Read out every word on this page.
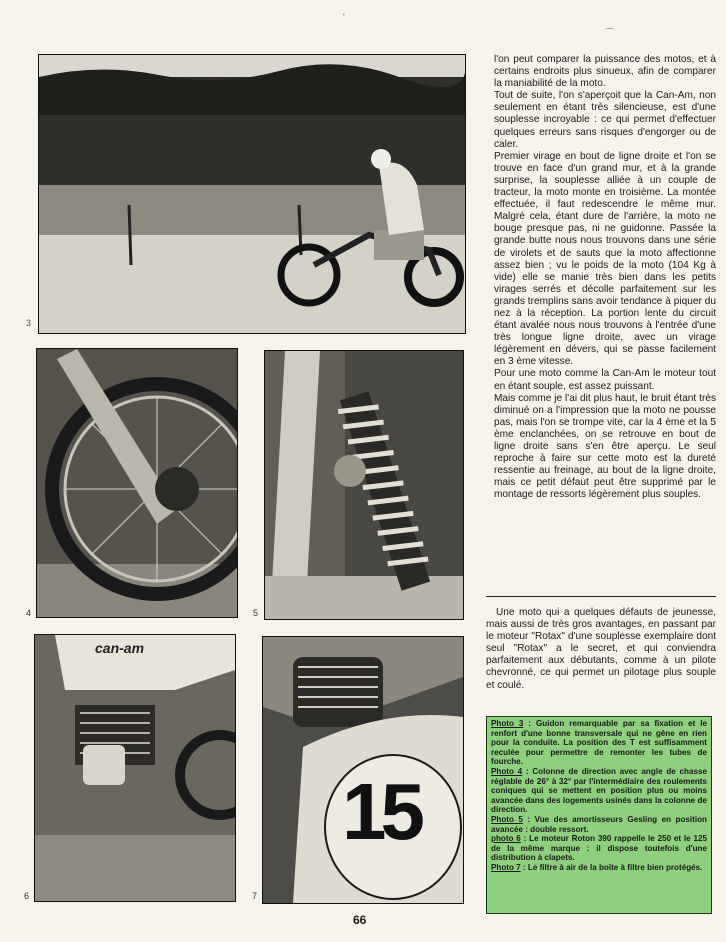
'
⌒
3
4	5
can-am
6
15
7

l'on peut comparer la puissance des motos, et à certains endroits plus sinueux, afin de comparer la maniabilité de la moto.

Tout de suite, l'on s'aperçoit que la Can-Am, non seulement en étant très silencieuse, est d'une souplesse incroyable : ce qui permet d'effectuer quelques erreurs sans risques d'engorger ou de caler.

Premier virage en bout de ligne droite et l'on se trouve en face d'un grand mur, et à la grande surprise, la souplesse alliée à un couple de tracteur, la moto monte en troisième. La montée effectuée, il faut redescendre le même mur. Malgré cela, étant dure de l'arrière, la moto ne bouge presque pas, ni ne guidonne. Passée la grande butte nous nous trouvons dans une série de virolets et de sauts que la moto affectionne assez bien ; vu le poids de la moto (104 Kg à vide) elle se manie très bien dans les petits virages serrés et décolle parfaitement sur les grands tremplins sans avoir tendance à piquer du nez à la réception. La portion lente du circuit étant avalée nous nous trouvons à l'entrée d'une très longue ligne droite, avec un virage légèrement en dévers, qui se passe facilement en 3 ème vitesse.

Pour une moto comme la Can-Am le moteur tout en étant souple, est assez puissant.

Mais comme je l'ai dit plus haut, le bruit étant très diminué on a l'impression que la moto ne pousse pas, mais l'on se trompe vite, car la 4 ème et la 5 ème enclanchées, on se retrouve en bout de ligne droite sans s'en être aperçu. Le seul reproche à faire sur cette moto est la dureté ressentie au freinage, au bout de la ligne droite, mais ce petit défaut peut être supprimé par le montage de ressorts légèrement plus souples.

Une moto qui a quelques défauts de jeunesse, mais aussi de très gros avantages, en passant par le moteur "Rotax" d'une souplesse exemplaire dont seul "Rotax" a le secret, et qui conviendra parfaitement aux débutants, comme à un pilote chevronné, ce qui permet un pilotage plus souple et coulé.

Photo 3 : Guidon remarquable par sa fixation et le renfort d'une bonne transversale qui ne gêne en rien pour la conduite. La position des T est suffisamment reculée pour permettre de remonter les tubes de fourche.

Photo 4 : Colonne de direction avec angle de chasse réglable de 26° à 32° par l'intermédiaire des roulements coniques qui se mettent en position plus ou moins avancée dans des logements usinés dans la colonne de direction.

Photo 5 : Vue des amortisseurs Gesling en position avancée : double ressort.

photo 6 : Le moteur Roton 390 rappelle le 250 et le 125 de la même marque : il dispose toutefois d'une distribution à clapets.

Photo 7 : Le filtre à air de la boîte à filtre bien protégés.

66
